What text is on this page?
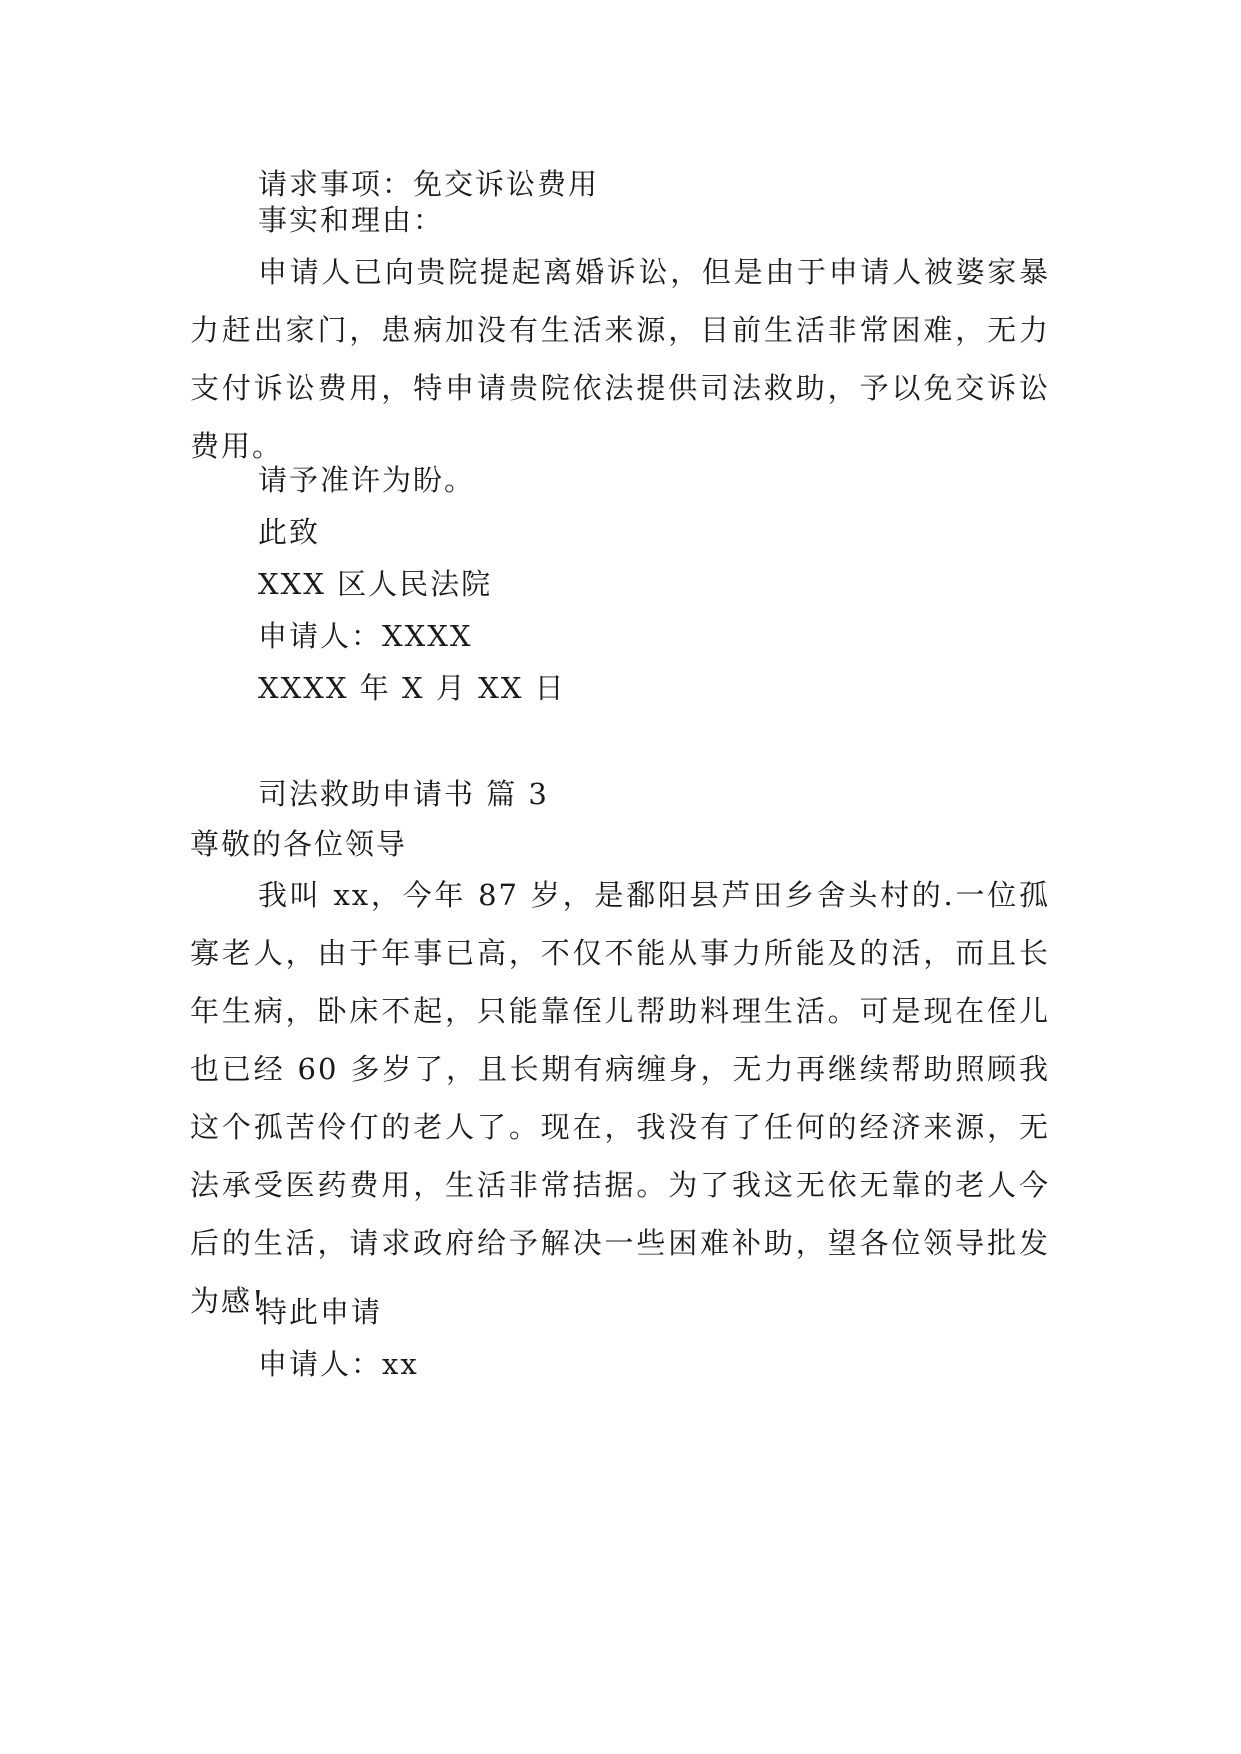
请求事项：免交诉讼费用

事实和理由：

申请人已向贵院提起离婚诉讼，但是由于申请人被婆家暴力赶出家门，患病加没有生活来源，目前生活非常困难，无力支付诉讼费用，特申请贵院依法提供司法救助，予以免交诉讼费用。

请予准许为盼。

此致

XXX 区人民法院

申请人：XXXX

XXXX 年 X 月 XX 日

司法救助申请书 篇 3

尊敬的各位领导

我叫 xx，今年 87 岁，是鄱阳县芦田乡舍头村的.一位孤寡老人，由于年事已高，不仅不能从事力所能及的活，而且长年生病，卧床不起，只能靠侄儿帮助料理生活。可是现在侄儿也已经 60 多岁了，且长期有病缠身，无力再继续帮助照顾我这个孤苦伶仃的老人了。现在，我没有了任何的经济来源，无法承受医药费用，生活非常拮据。为了我这无依无靠的老人今后的生活，请求政府给予解决一些困难补助，望各位领导批发为感!

特此申请

申请人：xx
